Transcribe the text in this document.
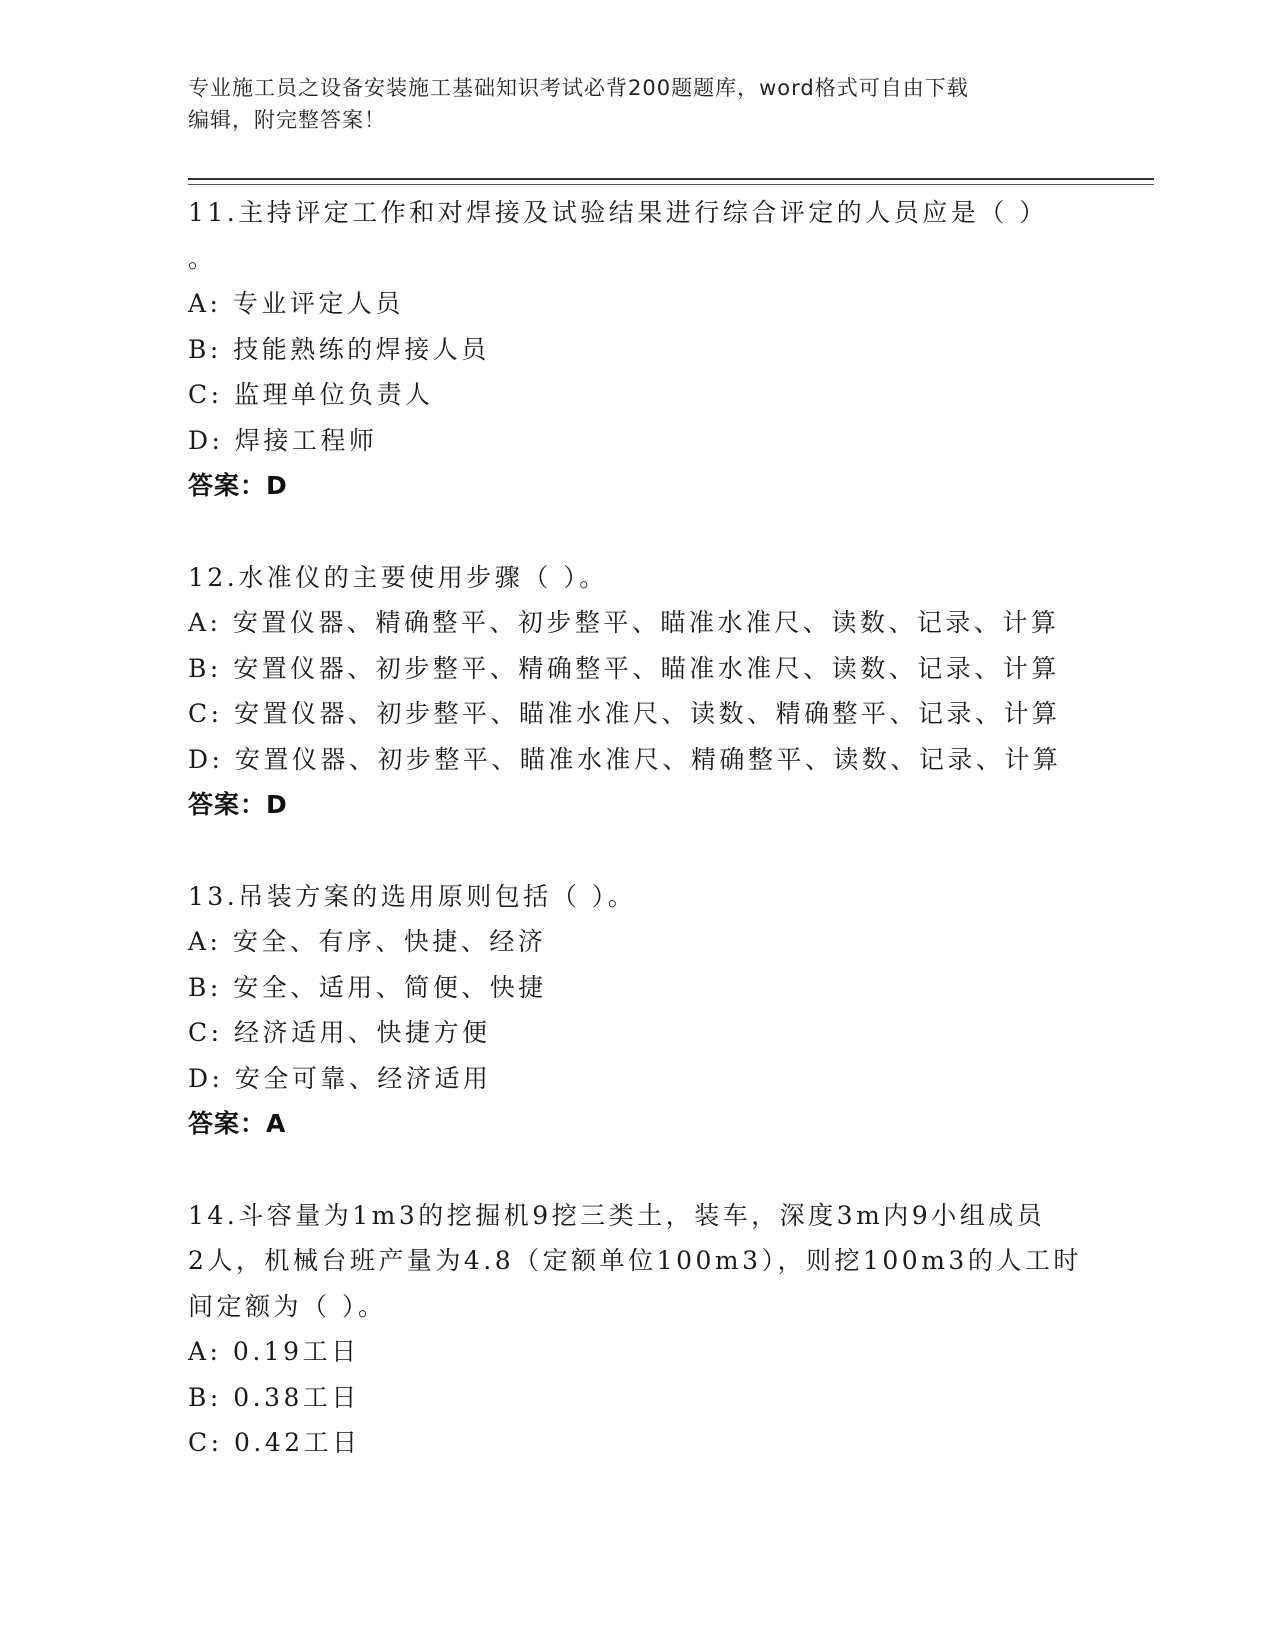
专业施工员之设备安装施工基础知识考试必背200题题库，word格式可自由下载

编辑，附完整答案！

11.主持评定工作和对焊接及试验结果进行综合评定的人员应是（ ）
。
A: 专业评定人员
B: 技能熟练的焊接人员
C: 监理单位负责人
D: 焊接工程师
答案：D
12.水准仪的主要使用步骤（ ）。
A: 安置仪器、精确整平、初步整平、瞄准水准尺、读数、记录、计算
B: 安置仪器、初步整平、精确整平、瞄准水准尺、读数、记录、计算
C: 安置仪器、初步整平、瞄准水准尺、读数、精确整平、记录、计算
D: 安置仪器、初步整平、瞄准水准尺、精确整平、读数、记录、计算
答案：D
13.吊装方案的选用原则包括（ ）。
A: 安全、有序、快捷、经济
B: 安全、适用、简便、快捷
C: 经济适用、快捷方便
D: 安全可靠、经济适用
答案：A
14.斗容量为1m3的挖掘机9挖三类土，装车，深度3m内9小组成员
2人，机械台班产量为4.8（定额单位100m3），则挖100m3的人工时
间定额为（ ）。
A: 0.19工日
B: 0.38工日
C: 0.42工日
